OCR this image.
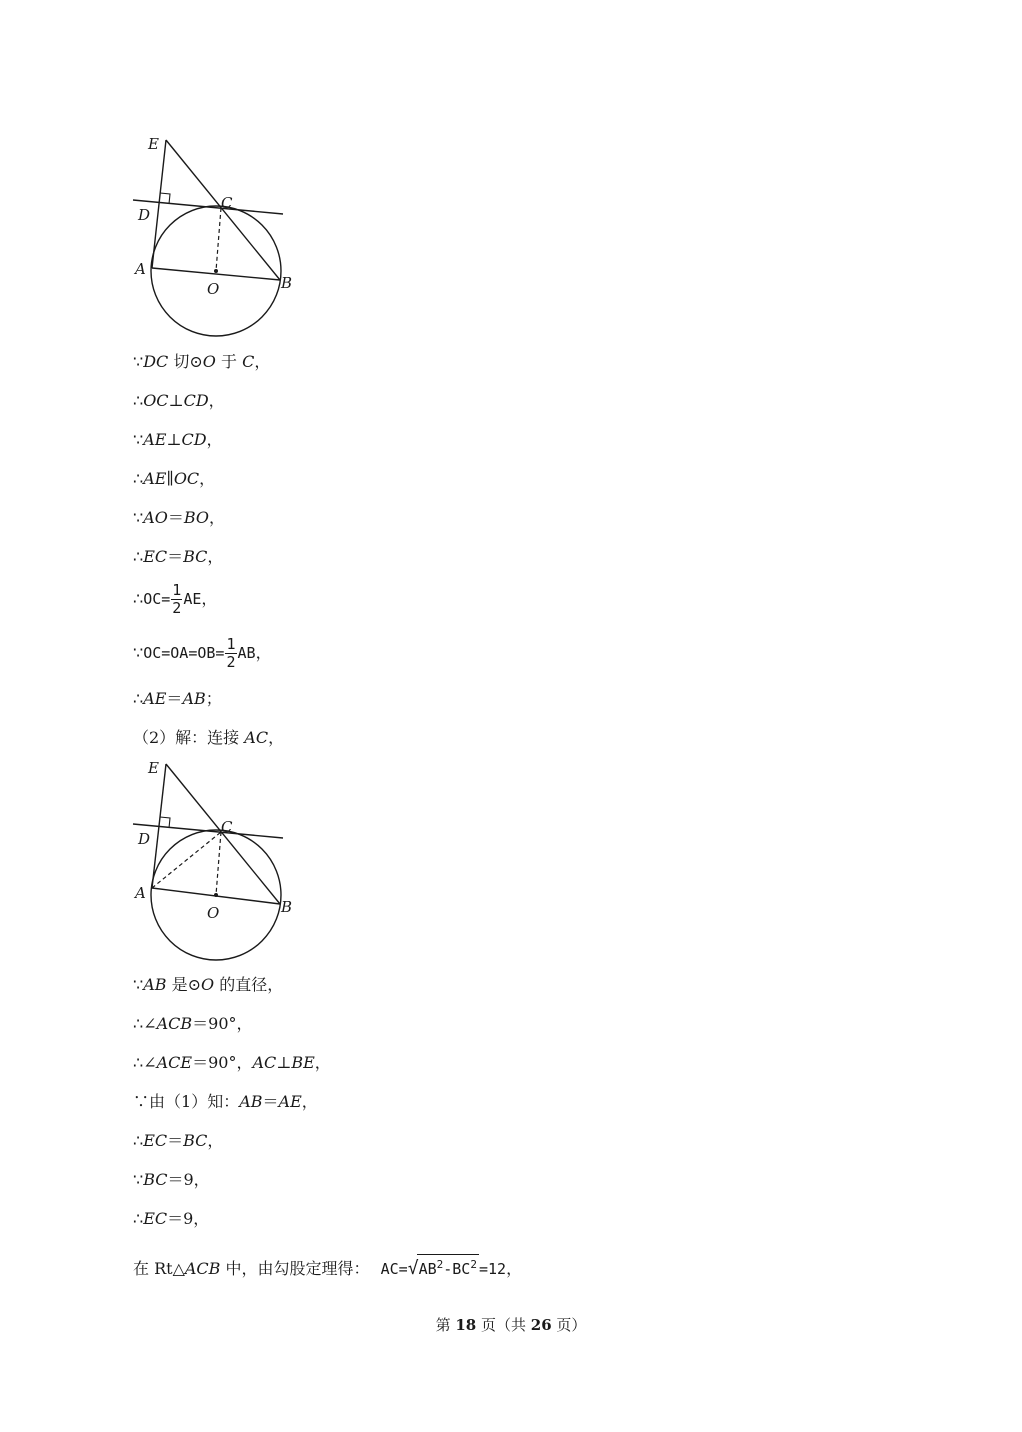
E
D
C
A
O	B
∵DC 切⊙O 于 C，
∴OC⊥CD，
∵AE⊥CD，
∴AE∥OC，
∵AO＝BO，
∴EC＝BC，
∴OC= $\frac{1}{2}$ AE，
∵OC=OA=OB= $\frac{1}{2}$ AB，
∴AE＝AB；
（2）解：连接 AC，
E
D
C
A
O	B
∵AB 是⊙O 的直径，
∴∠ACB＝90°，
∴∠ACE＝90°，AC⊥BE，
∵由（1）知：AB＝AE，
∴EC＝BC，
∵BC＝9，
∴EC＝9，
在 Rt△ACB 中，由勾股定理得： $AC=√AB^2-BC^2 =12$，
第 18 页（共 26 页）
